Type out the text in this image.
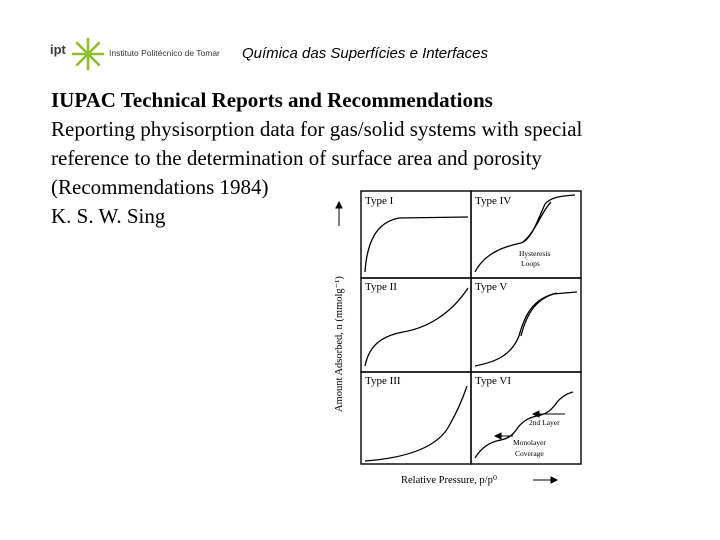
ipt	Instituto Politécnico de Tomar Química das Superfícies e Interfaces
IUPAC Technical Reports and Recommendations
Reporting physisorption data for gas/solid systems with special
reference to the determination of surface area and porosity
(Recommendations 1984)
K. S. W. Sing
Amount Adsorbed, n (mmolg⁻¹)
Type I	Type IV
Type II	Type V
Type III	Type VI
Hysteresis
Loops
2nd Layer
Monolayer
Coverage
Relative Pressure, p/p⁰
